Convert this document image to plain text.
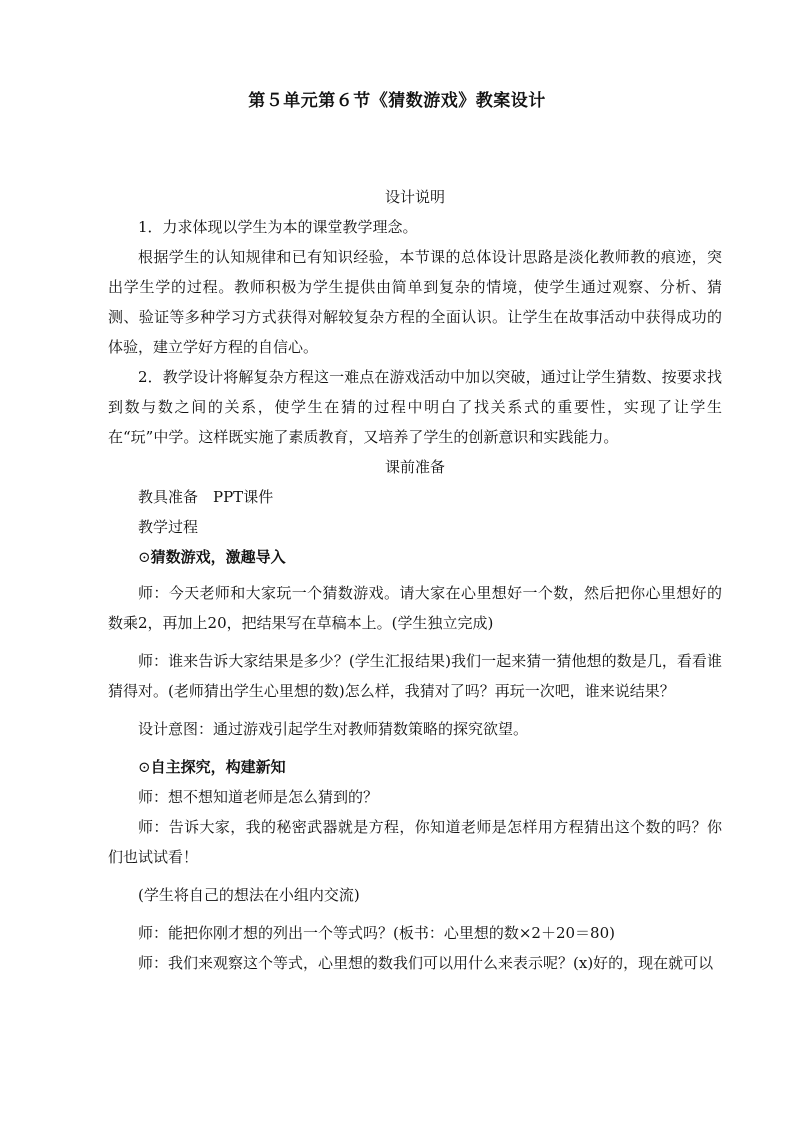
第５单元第６节《猜数游戏》教案设计

设计说明

1．力求体现以学生为本的课堂教学理念。

根据学生的认知规律和已有知识经验，本节课的总体设计思路是淡化教师教的痕迹，突出学生学的过程。教师积极为学生提供由简单到复杂的情境，使学生通过观察、分析、猜测、验证等多种学习方式获得对解较复杂方程的全面认识。让学生在故事活动中获得成功的体验，建立学好方程的自信心。

2．教学设计将解复杂方程这一难点在游戏活动中加以突破，通过让学生猜数、按要求找到数与数之间的关系，使学生在猜的过程中明白了找关系式的重要性，实现了让学生在“玩”中学。这样既实施了素质教育，又培养了学生的创新意识和实践能力。

课前准备

教具准备　PPT课件

教学过程

⊙猜数游戏，激趣导入

师：今天老师和大家玩一个猜数游戏。请大家在心里想好一个数，然后把你心里想好的数乘2，再加上20，把结果写在草稿本上。(学生独立完成)

师：谁来告诉大家结果是多少？(学生汇报结果)我们一起来猜一猜他想的数是几，看看谁猜得对。(老师猜出学生心里想的数)怎么样，我猜对了吗？再玩一次吧，谁来说结果？

设计意图：通过游戏引起学生对教师猜数策略的探究欲望。

⊙自主探究，构建新知

师：想不想知道老师是怎么猜到的？

师：告诉大家，我的秘密武器就是方程，你知道老师是怎样用方程猜出这个数的吗？你们也试试看！

(学生将自己的想法在小组内交流)

师：能把你刚才想的列出一个等式吗？(板书：心里想的数×2＋20＝80)

师：我们来观察这个等式，心里想的数我们可以用什么来表示呢？(x)好的，现在就可以
